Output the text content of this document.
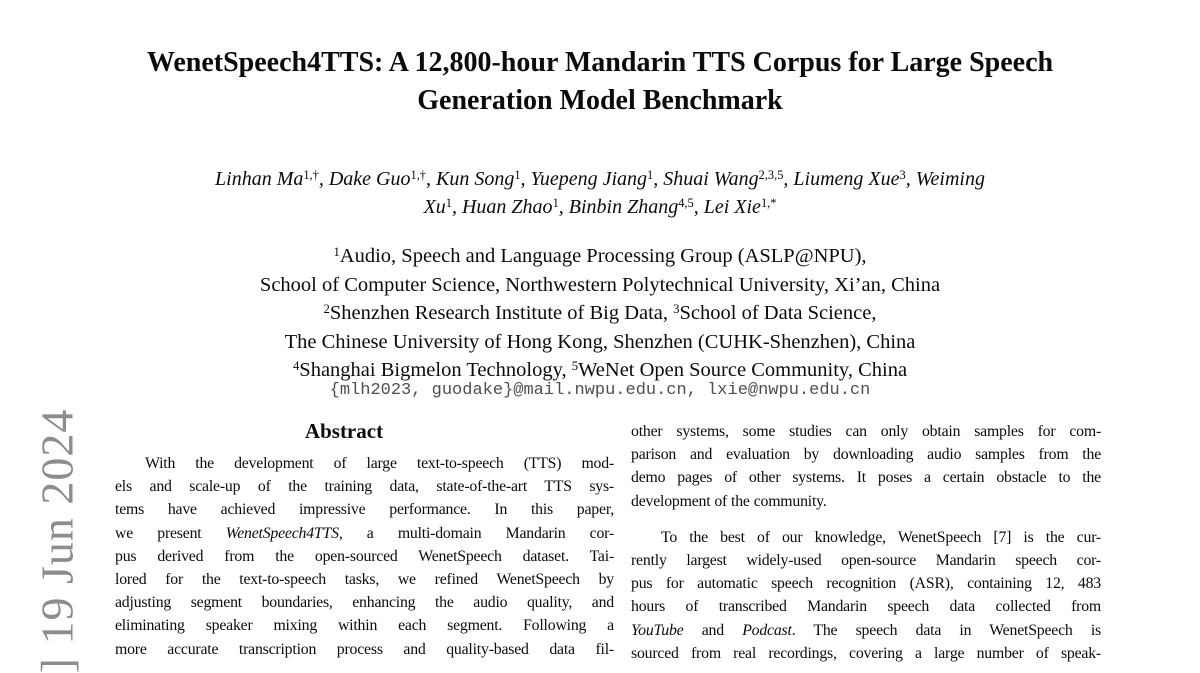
] 19 Jun 2024
WenetSpeech4TTS: A 12,800-hour Mandarin TTS Corpus for Large Speech
Generation Model Benchmark
Linhan $Ma^{1,\dagger}$, Dake Guo$^{1,\dagger}$, Kun Song$^1$, Yuepeng Jiang$^1$, Shuai Wang$^{2,3,5}$, Liumeng Xue$^3$, Weiming
Xu$^1$, Huan Zhao$^1$, Binbin Zhang$^{4,5}$, Lei Xie$^{1,*}$
$^1$Audio, Speech and Language Processing Group (ASLP@NPU),
School of Computer Science, Northwestern Polytechnical University, Xi’an, China
$^2$Shenzhen Research Institute of Big Data, $^3$School of Data Science,
The Chinese University of Hong Kong, Shenzhen (CUHK-Shenzhen), China
$^4$Shanghai Bigmelon Technology, $^5$WeNet Open Source Community, China
{mlh2023, guodake}@mail.nwpu.edu.cn, lxie@nwpu.edu.cn
Abstract
With the development of large text-to-speech (TTS) mod-
els and scale-up of the training data, state-of-the-art TTS sys-
tems have achieved impressive performance. In this paper,
we present WenetSpeech4TTS, a multi-domain Mandarin cor-
pus derived from the open-sourced WenetSpeech dataset. Tai-
lored for the text-to-speech tasks, we refined WenetSpeech by
adjusting segment boundaries, enhancing the audio quality, and
eliminating speaker mixing within each segment. Following a
more accurate transcription process and quality-based data fil-
other systems, some studies can only obtain samples for com-
parison and evaluation by downloading audio samples from the
demo pages of other systems. It poses a certain obstacle to the
development of the community.
To the best of our knowledge, WenetSpeech [7] is the cur-
rently largest widely-used open-source Mandarin speech cor-
pus for automatic speech recognition (ASR), containing 12, 483
hours of transcribed Mandarin speech data collected from
YouTube and Podcast. The speech data in WenetSpeech is
sourced from real recordings, covering a large number of speak-
